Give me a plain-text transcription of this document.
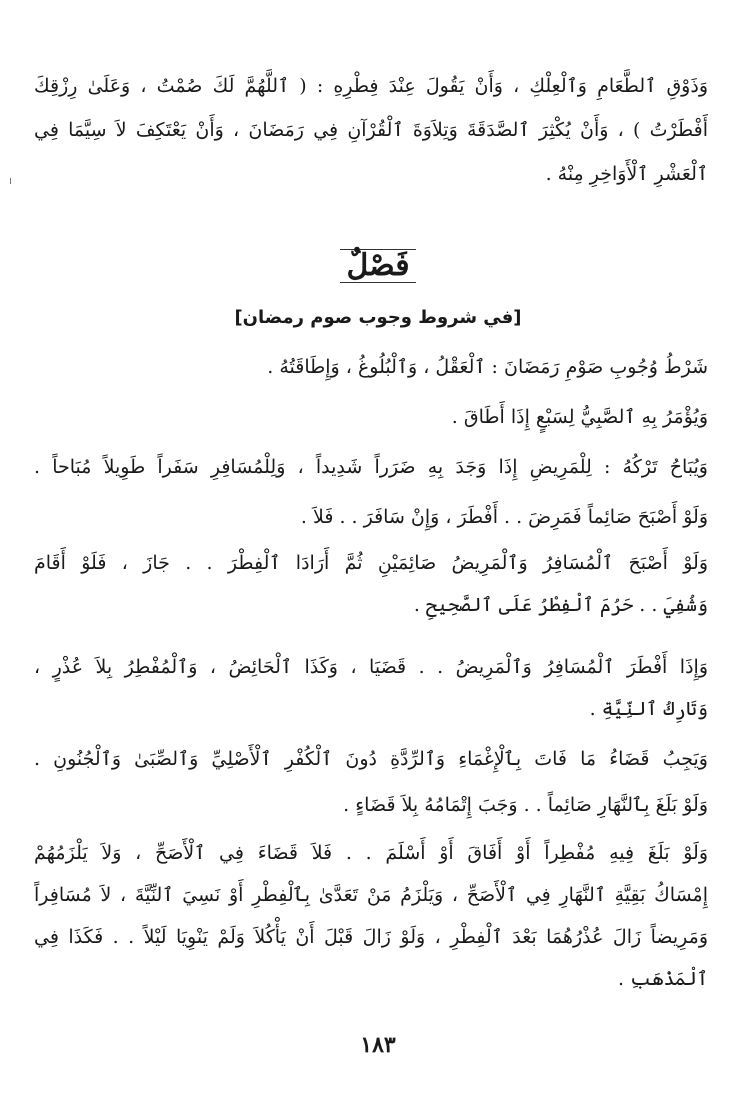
وَذَوْقِ ٱلطَّعَامِ وَٱلْعِلْكِ ، وَأَنْ يَقُولَ عِنْدَ فِطْرِهِ : ( ٱللَّهُمَّ لَكَ صُمْتُ ، وَعَلَىٰ رِزْقِكَ
أَفْطَرْتُ ) ، وَأَنْ يُكْثِرَ ٱلصَّدَقَةَ وَتِلاَوَةَ ٱلْقُرْآنِ فِي رَمَضَانَ ، وَأَنْ يَعْتَكِفَ لاَ سِيَّمَا فِي
ٱلْعَشْرِ ٱلْأَوَاخِرِ مِنْهُ .
فَصْلٌ
[في شروط وجوب صوم رمضان]
شَرْطُ وُجُوبِ صَوْمِ رَمَضَانَ : ٱلْعَقْلُ ، وَٱلْبُلُوغُ ، وَإِطَاقَتُهُ .
وَيُؤْمَرُ بِهِ ٱلصَّبِيُّ لِسَبْعٍ إِذَا أَطَاقَ .
وَيُبَاحُ تَرْكُهُ : لِلْمَرِيضِ إِذَا وَجَدَ بِهِ ضَرَراً شَدِيداً ، وَلِلْمُسَافِرِ سَفَراً طَوِيلاً مُبَاحاً .
وَلَوْ أَصْبَحَ صَائِماً فَمَرِضَ . . أَفْطَرَ ، وَإِنْ سَافَرَ . . فَلاَ .
وَلَوْ أَصْبَحَ ٱلْمُسَافِرُ وَٱلْمَرِيضُ صَائِمَيْنِ ثُمَّ أَرَادَا ٱلْفِطْرَ . . جَازَ ، فَلَوْ أَقَامَ
وَشُفِيَ . . حَرُمَ ٱلْفِطْرُ عَلَى ٱلصَّحِيحِ .
وَإِذَا أَفْطَرَ ٱلْمُسَافِرُ وَٱلْمَرِيضُ . . قَضَيَا ، وَكَذَا ٱلْحَائِضُ ، وَٱلْمُفْطِرُ بِلاَ عُذْرٍ ،
وَتَارِكُ ٱلنِّيَّةِ .
وَيَجِبُ قَضَاءُ مَا فَاتَ بِٱلْإِغْمَاءِ وَٱلرِّدَّةِ دُونَ ٱلْكُفْرِ ٱلْأَصْلِيِّ وَٱلصِّبَىٰ وَٱلْجُنُونِ .
وَلَوْ بَلَغَ بِٱلنَّهَارِ صَائِماً . . وَجَبَ إِتْمَامُهُ بِلاَ قَضَاءٍ .
وَلَوْ بَلَغَ فِيهِ مُفْطِراً أَوْ أَفَاقَ أَوْ أَسْلَمَ . . فَلاَ قَضَاءَ فِي ٱلْأَصَحِّ ، وَلاَ يَلْزَمُهُمْ
إِمْسَاكُ بَقِيَّةِ ٱلنَّهَارِ فِي ٱلْأَصَحِّ ، وَيَلْزَمُ مَنْ تَعَدَّىٰ بِٱلْفِطْرِ أَوْ نَسِيَ ٱلنِّيَّةَ ، لاَ مُسَافِراً
وَمَرِيضاً زَالَ عُذْرُهُمَا بَعْدَ ٱلْفِطْرِ ، وَلَوْ زَالَ قَبْلَ أَنْ يَأْكُلاَ وَلَمْ يَنْوِيَا لَيْلاً . . فَكَذَا فِي
ٱلْمَذْهَبِ .
١٨٣
